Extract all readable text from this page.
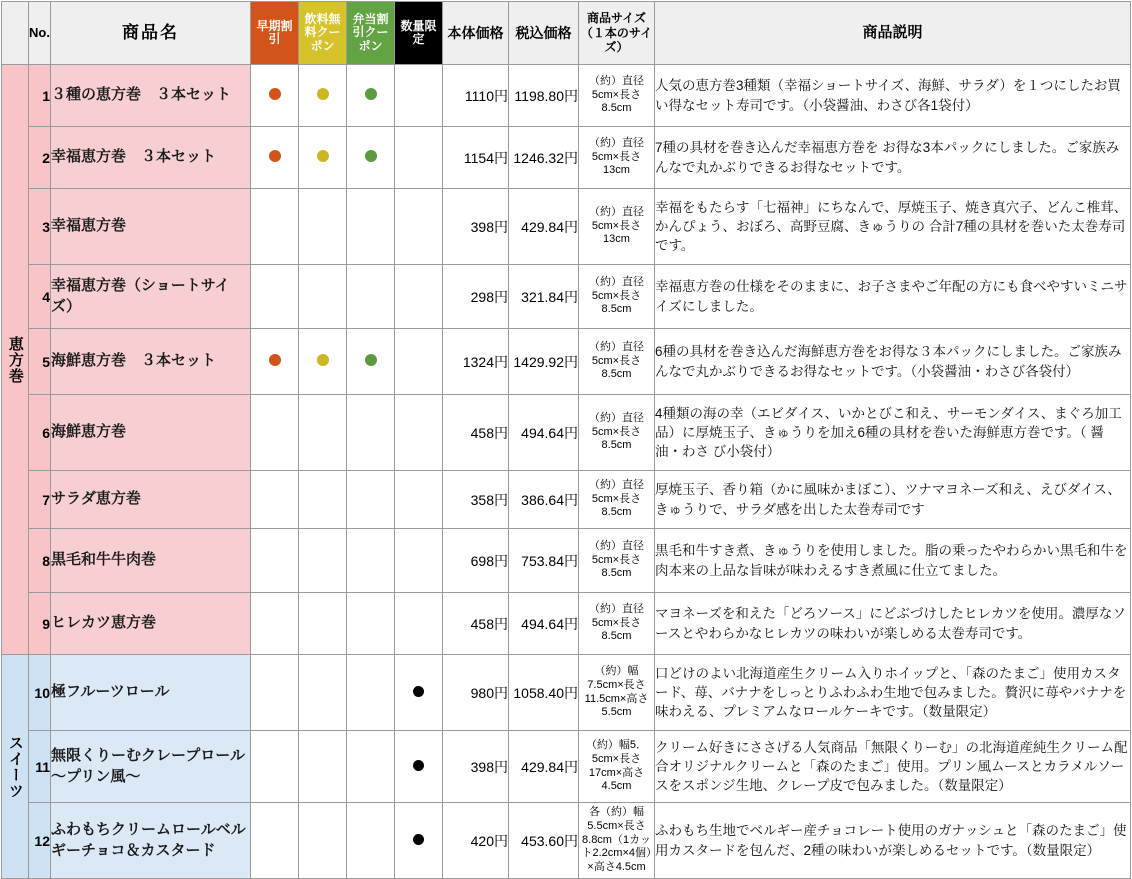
	No.	商品名	早期割引	飲料無料クーポン	弁当割引クーポン	数量限定	本体価格	税込価格	商品サイズ（１本のサイズ）	商品説明

恵方巻	1	３種の恵方巻　３本セット					1110円	1198.80円	（約）直径5cm×長さ8.5cm	人気の恵方巻3種類（幸福ショートサイズ、海鮮、サラダ）を１つにしたお買い得なセット寿司です。（小袋醤油、わさび各1袋付）
	2	幸福恵方巻　３本セット					1154円	1246.32円	（約）直径5cm×長さ13cm	7種の具材を巻き込んだ幸福恵方巻を お得な3本パックにしました。ご家族みんなで丸かぶりできるお得なセットです。
	3	幸福恵方巻					398円	429.84円	（約）直径5cm×長さ13cm	幸福をもたらす「七福神」にちなんで、厚焼玉子、焼き真穴子、どんこ椎茸、かんぴょう、おぼろ、高野豆腐、きゅうりの 合計7種の具材を巻いた太巻寿司です。
	4	幸福恵方巻（ショートサイズ）					298円	321.84円	（約）直径5cm×長さ8.5cm	幸福恵方巻の仕様をそのままに、お子さまやご年配の方にも食べやすいミニサイズにしました。
	5	海鮮恵方巻　３本セット					1324円	1429.92円	（約）直径5cm×長さ8.5cm	6種の具材を巻き込んだ海鮮恵方巻をお得な３本パックにしました。ご家族みんなで丸かぶりできるお得なセットです。（小袋醤油・わさび各袋付）
	6	海鮮恵方巻					458円	494.64円	（約）直径5cm×長さ8.5cm	4種類の海の幸（エビダイス、いかとびこ和え、サーモンダイス、まぐろ加工品）に厚焼玉子、きゅうりを加え6種の具材を巻いた海鮮恵方巻です。（ 醤油・わさ び小袋付）
	7	サラダ恵方巻					358円	386.64円	（約）直径5cm×長さ8.5cm	厚焼玉子、香り箱（かに風味かまぼこ）、ツナマヨネーズ和え、えびダイス、きゅうりで、サラダ感を出した太巻寿司です
	8	黒毛和牛牛肉巻					698円	753.84円	（約）直径5cm×長さ8.5cm	黒毛和牛すき煮、きゅうりを使用しました。脂の乗ったやわらかい黒毛和牛を肉本来の上品な旨味が味わえるすき煮風に仕立てました。
	9	ヒレカツ恵方巻					458円	494.64円	（約）直径5cm×長さ8.5cm	マヨネーズを和えた「どろソース」にどぶづけしたヒレカツを使用。濃厚なソースとやわらかなヒレカツの味わいが楽しめる太巻寿司です。

スイーツ	10	極フルーツロール					980円	1058.40円	（約）幅7.5cm×長さ11.5cm×高さ5.5cm	口どけのよい北海道産生クリーム入りホイップと、「森のたまご」使用カスタード、苺、バナナをしっとりふわふわ生地で包みました。贅沢に苺やバナナを味わえる、プレミアムなロールケーキです。（数量限定）
	11	無限くりーむクレープロール～プリン風～					398円	429.84円	（約）幅5．5cm×長さ17cm×高さ4.5cm	クリーム好きにささげる人気商品「無限くりーむ」の北海道産純生クリーム配合オリジナルクリームと「森のたまご」使用。プリン風ムースとカラメルソースをスポンジ生地、クレープ皮で包みました。（数量限定）
	12	ふわもちクリームロールベルギーチョコ＆カスタード					420円	453.60円	各（約）幅5.5cm×長さ8.8cm（1カット2.2cm×4個）×高さ4.5cm	ふわもち生地でベルギー産チョコレート使用のガナッシュと「森のたまご」使用カスタードを包んだ、2種の味わいが楽しめるセットです。（数量限定）
